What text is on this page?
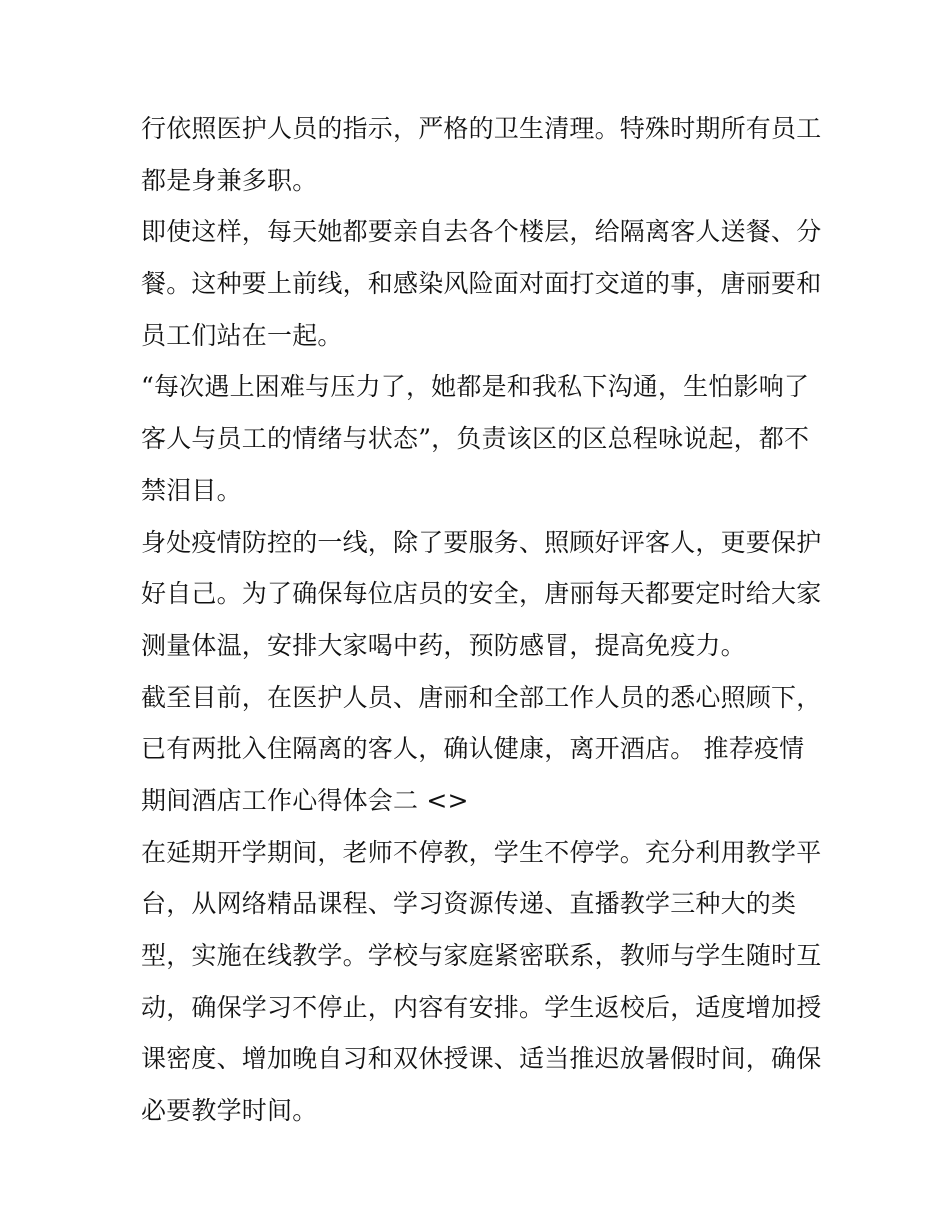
行依照医护人员的指示，严格的卫生清理。特殊时期所有员工
都是身兼多职。
即使这样，每天她都要亲自去各个楼层，给隔离客人送餐、分
餐。这种要上前线，和感染风险面对面打交道的事，唐丽要和
员工们站在一起。
“每次遇上困难与压力了，她都是和我私下沟通，生怕影响了
客人与员工的情绪与状态”，负责该区的区总程咏说起，都不
禁泪目。
身处疫情防控的一线，除了要服务、照顾好评客人，更要保护
好自己。为了确保每位店员的安全，唐丽每天都要定时给大家
测量体温，安排大家喝中药，预防感冒，提高免疫力。
截至目前，在医护人员、唐丽和全部工作人员的悉心照顾下，
已有两批入住隔离的客人，确认健康，离开酒店。 推荐疫情
期间酒店工作心得体会二 <>
在延期开学期间，老师不停教，学生不停学。充分利用教学平
台，从网络精品课程、学习资源传递、直播教学三种大的类
型，实施在线教学。学校与家庭紧密联系，教师与学生随时互
动，确保学习不停止，内容有安排。学生返校后，适度增加授
课密度、增加晚自习和双休授课、适当推迟放暑假时间，确保
必要教学时间。
